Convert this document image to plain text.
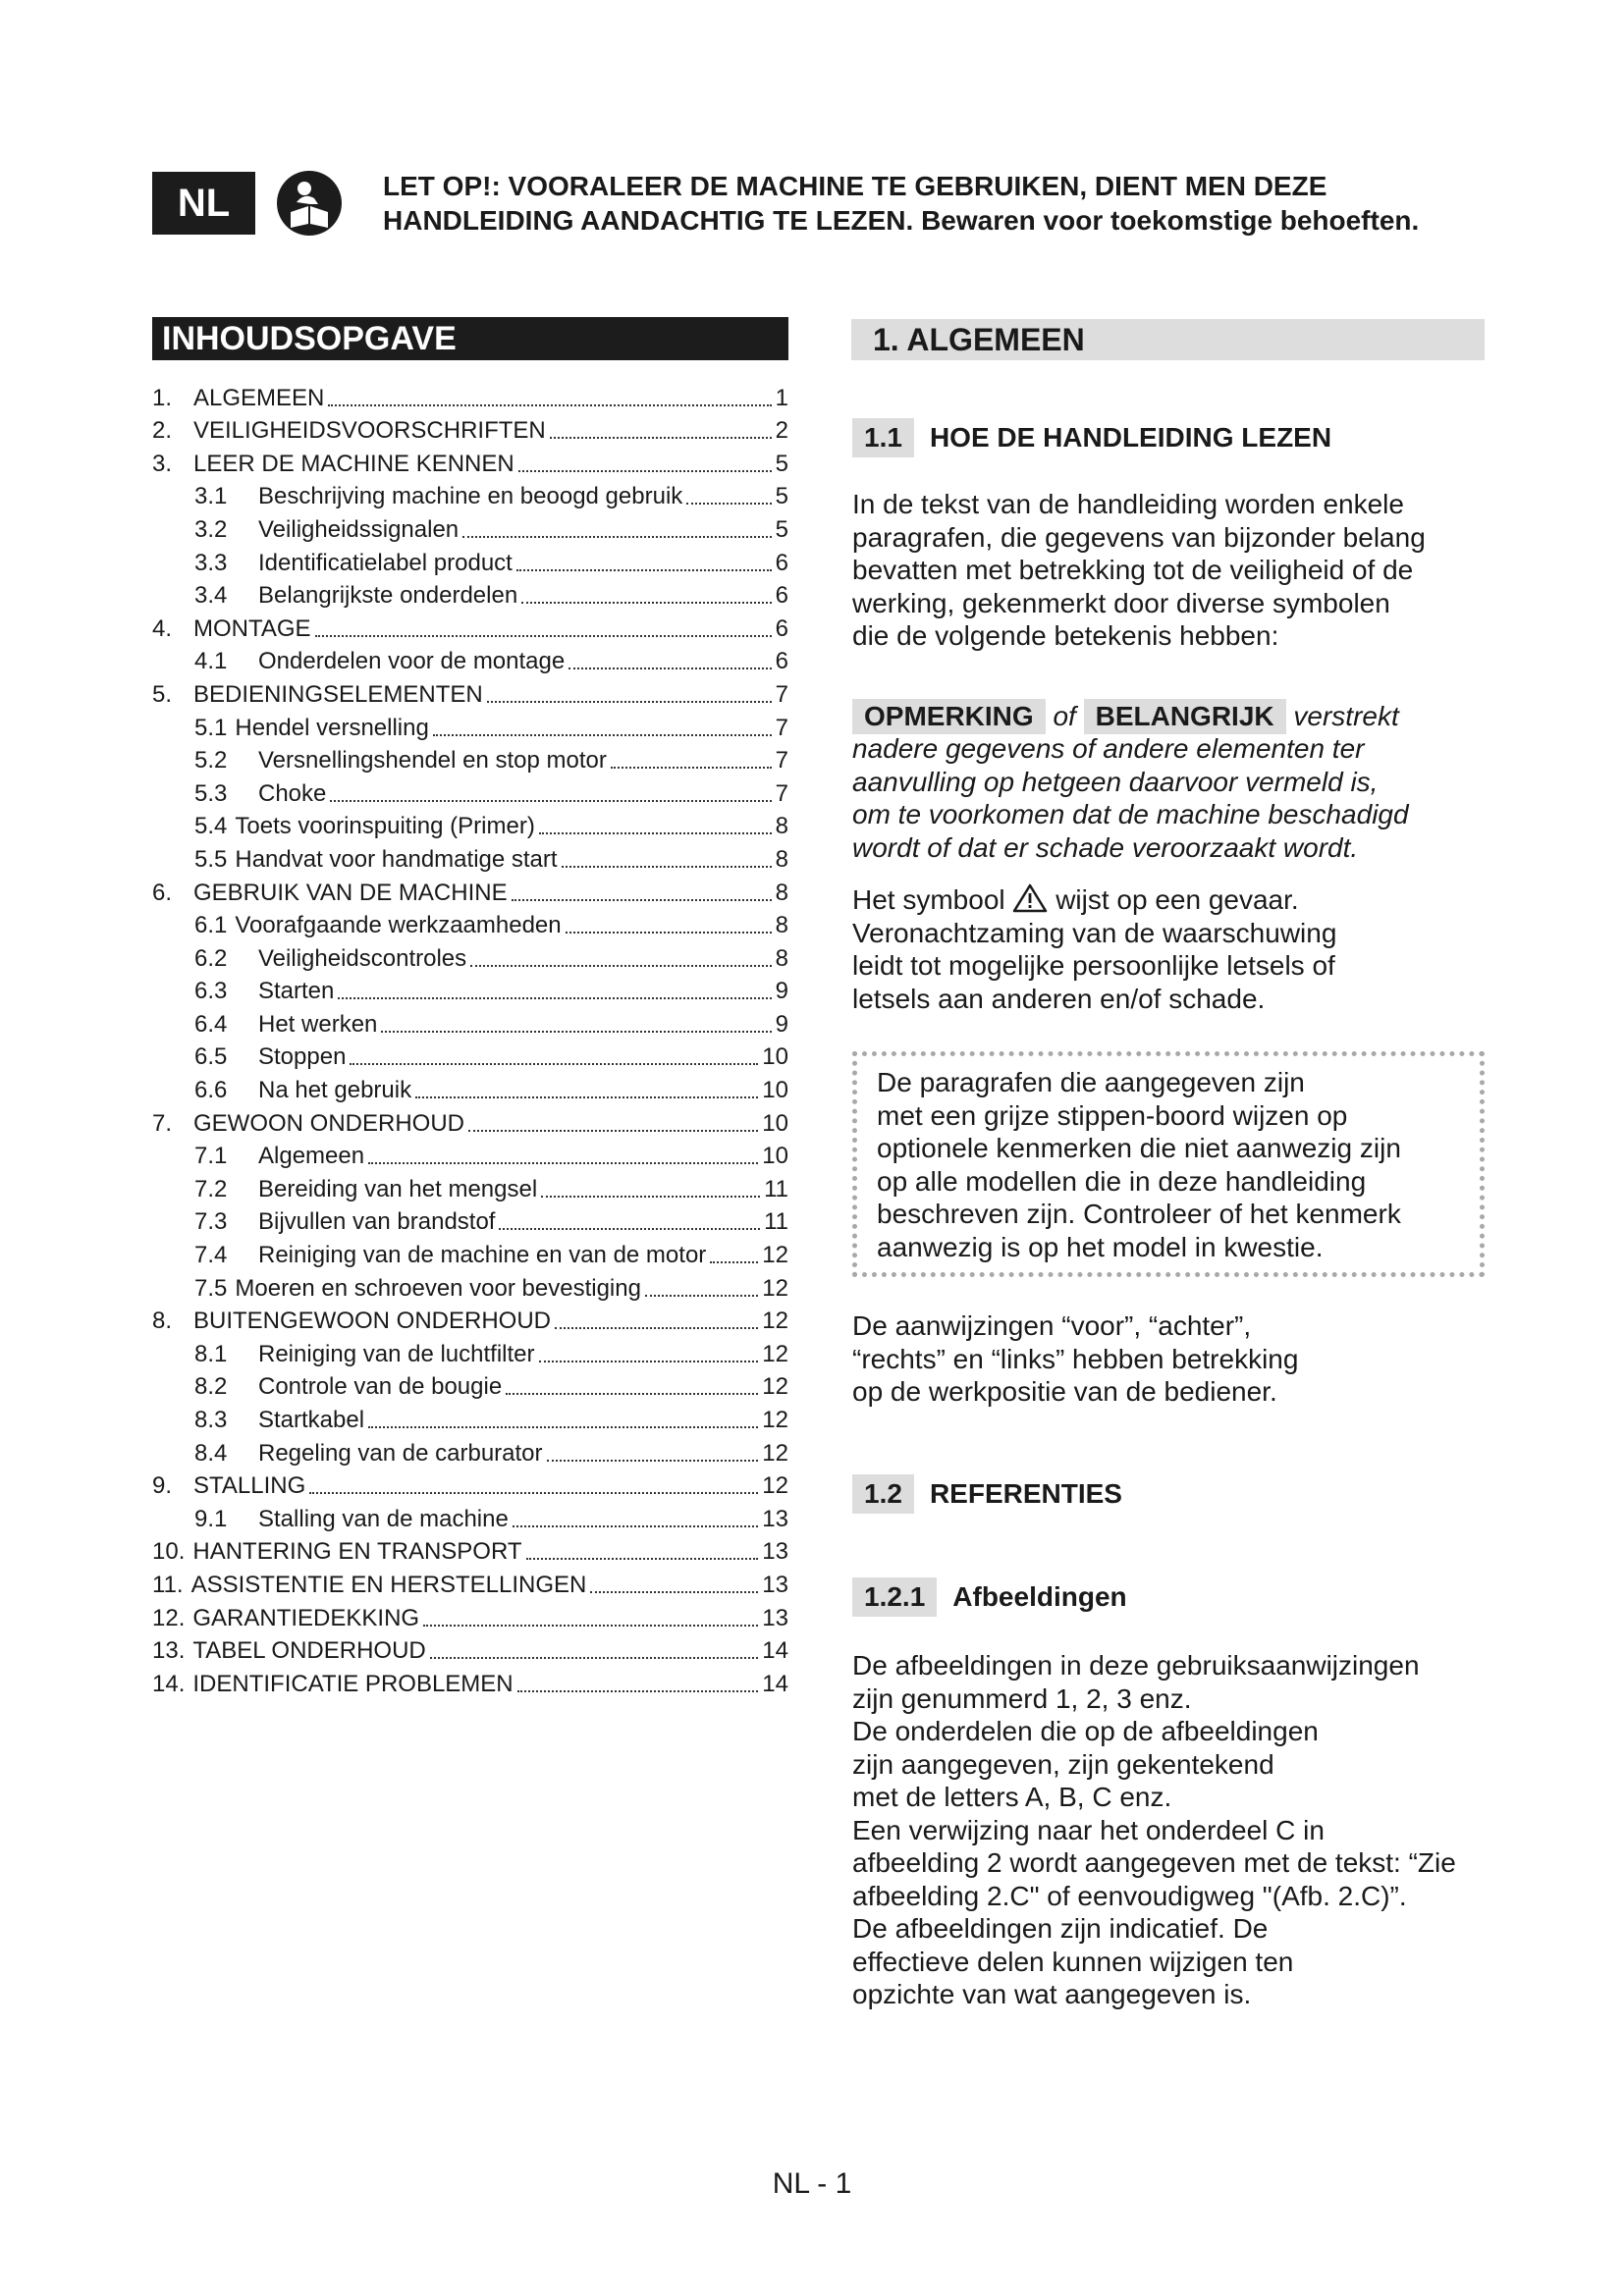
NL	LET OP!: VOORALEER DE MACHINE TE GEBRUIKEN, DIENT MEN DEZE
HANDLEIDING AANDACHTIG TE LEZEN. Bewaren voor toekomstige behoeften.
INHOUDSOPGAVE
1. ALGEMEEN	1
2. VEILIGHEIDSVOORSCHRIFTEN	2
3. LEER DE MACHINE KENNEN	5
3.1	Beschrijving machine en beoogd gebruik	5
3.2	Veiligheidssignalen	5
3.3	Identificatielabel product	6
3.4	Belangrijkste onderdelen	6
4. MONTAGE	6
4.1	Onderdelen voor de montage	6
5. BEDIENINGSELEMENTEN	7
5.1 Hendel versnelling	7
5.2	Versnellingshendel en stop motor	7
5.3	Choke	7
5.4 Toets voorinspuiting (Primer)	8
5.5 Handvat voor handmatige start	8
6. GEBRUIK VAN DE MACHINE	8
6.1 Voorafgaande werkzaamheden	8
6.2	Veiligheidscontroles	8
6.3	Starten	9
6.4	Het werken	9
6.5	Stoppen	10
6.6	Na het gebruik	10
7. GEWOON ONDERHOUD	10
7.1	Algemeen	10
7.2	Bereiding van het mengsel	11
7.3	Bijvullen van brandstof	11
7.4	Reiniging van de machine en van de motor 12
7.5 Moeren en schroeven voor bevestiging	12
8. BUITENGEWOON ONDERHOUD	12
8.1	Reiniging van de luchtfilter	12
8.2	Controle van de bougie	12
8.3	Startkabel	12
8.4	Regeling van de carburator	12
9. STALLING	12
9.1	Stalling van de machine	13
10. HANTERING EN TRANSPORT	13
11. ASSISTENTIE EN HERSTELLINGEN	13
12. GARANTIEDEKKING	13
13. TABEL ONDERHOUD	14
14. IDENTIFICATIE PROBLEMEN	14
1. ALGEMEEN
1.1	HOE DE HANDLEIDING LEZEN
In de tekst van de handleiding worden enkele
paragrafen, die gegevens van bijzonder belang
bevatten met betrekking tot de veiligheid of de
werking, gekenmerkt door diverse symbolen
die de volgende betekenis hebben:
OPMERKING of BELANGRIJK verstrekt
nadere gegevens of andere elementen ter
aanvulling op hetgeen daarvoor vermeld is,
om te voorkomen dat de machine beschadigd
wordt of dat er schade veroorzaakt wordt.
Het symbool wijst op een gevaar.
Veronachtzaming van de waarschuwing
leidt tot mogelijke persoonlijke letsels of
letsels aan anderen en/of schade.
De paragrafen die aangegeven zijn
met een grijze stippen-boord wijzen op
optionele kenmerken die niet aanwezig zijn
op alle modellen die in deze handleiding
beschreven zijn. Controleer of het kenmerk
aanwezig is op het model in kwestie.
De aanwijzingen “voor”, “achter”,
“rechts” en “links” hebben betrekking
op de werkpositie van de bediener.
1.2	REFERENTIES
1.2.1	Afbeeldingen
De afbeeldingen in deze gebruiksaanwijzingen
zijn genummerd 1, 2, 3 enz.
De onderdelen die op de afbeeldingen
zijn aangegeven, zijn gekentekend
met de letters A, B, C enz.
Een verwijzing naar het onderdeel C in
afbeelding 2 wordt aangegeven met de tekst: “Zie
afbeelding 2.C" of eenvoudigweg "(Afb. 2.C)”.
De afbeeldingen zijn indicatief. De
effectieve delen kunnen wijzigen ten
opzichte van wat aangegeven is.
NL - 1
